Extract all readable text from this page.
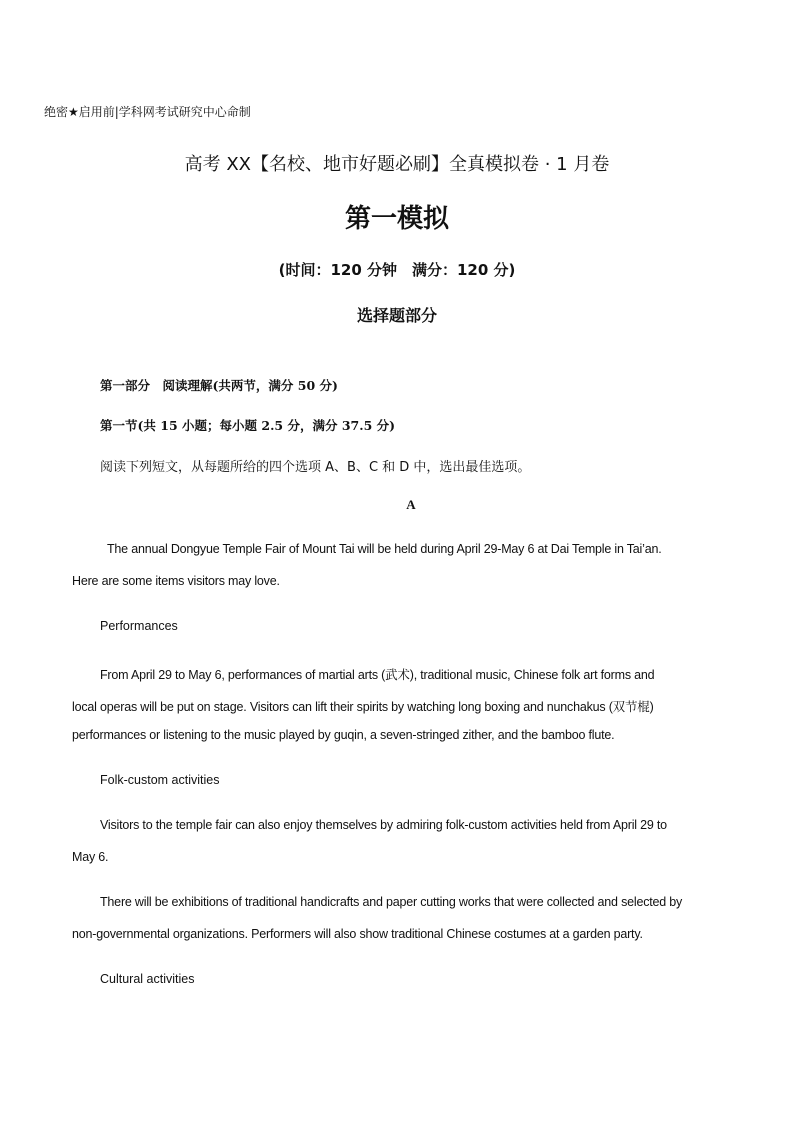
绝密★启用前|学科网考试研究中心命制
高考 XX【名校、地市好题必刷】全真模拟卷 · 1 月卷
第一模拟
(时间：120 分钟　满分：120 分)
选择题部分
第一部分　阅读理解(共两节，满分 50 分)
第一节(共 15 小题；每小题 2.5 分，满分 37.5 分)
阅读下列短文，从每题所给的四个选项 A、B、C 和 D 中，选出最佳选项。
A
The annual Dongyue Temple Fair of Mount Tai will be held during April 29-May 6 at Dai Temple in Tai’an.
Here are some items visitors may love.
Performances
From April 29 to May 6, performances of martial arts (武术), traditional music, Chinese folk art forms and
local operas will be put on stage. Visitors can lift their spirits by watching long boxing and nunchakus (双节棍)
performances or listening to the music played by guqin, a seven-stringed zither, and the bamboo flute.
Folk-custom activities
Visitors to the temple fair can also enjoy themselves by admiring folk-custom activities held from April 29 to
May 6.
There will be exhibitions of traditional handicrafts and paper cutting works that were collected and selected by
non-governmental organizations. Performers will also show traditional Chinese costumes at a garden party.
Cultural activities
